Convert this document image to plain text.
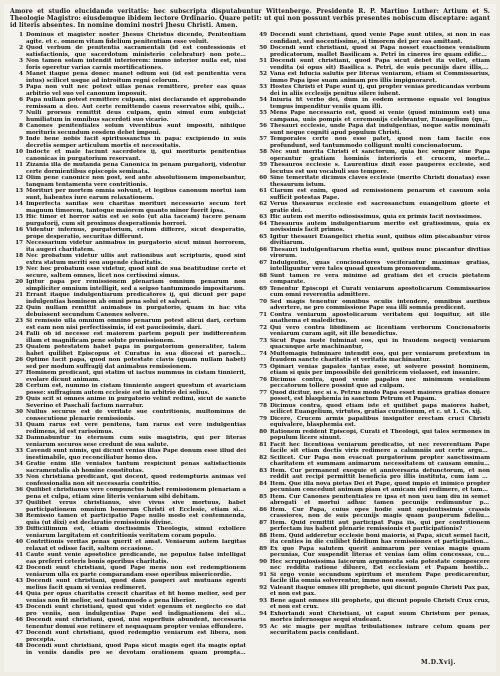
Amore et studio elucidande veritatis: hec subscripta disputabuntur Wittenberge. Presidente R. P. Martino Luther: Artium et S. Theologie Magistro: eiusdemque ibidem lectore Ordinario. Quare petit: ut qui non possunt verbis presentes nobiscum disceptare: agant id literis absentes. In nomine domini nostri Jhesu Christi. Amen.
1 Dominus et magister noster Jhesus Christus dicendo, Penitentiam agite. et c. omnem vitam fidelium penitentiam esse voluit.
2 Quod verbum de penitentia sacramentali (id est confessionis et satisfactionis, que sacerdotum ministerio celebratur) non potest
3 Non tamen solam intendit interiorem: immo interior nulla est, nisi foris operetur varias carnis mortificationes.
4 Manet itaque pena donec manet odium sui (id est penitentia vera intus) scilicet usque ad introitum regni celorum.
5 Papa non vult nec potest ullas penas remittere, preter eas quas arbitrio vel suo vel canonum imposuit.
6 Papa nullam potest remittere culpam, nisi declarando et approbando remissam a deo. Aut certe remittendo casus reservatos sibi, quibus
7 Nulli prorsus remittit deus culpam, quin simul eum subijciat humiliatum in omnibus sacerdoti suo vicario.
8 Canones penitentiales solum viventibus sunt impositi, nihilque morituris secundum eosdem debet imponi.
9 Inde bene nobis facit spiritussanctus in papa: excipiendo in suis decretis semper articulum mortis et necessitatis.
10 Indocte et male faciunt sacerdotes ij, qui morituris penitentias canonicas in purgatorium reservant.
11 Zizania illa de mutanda pena Canonica in penam purgatorij, videntur certe dormientibus episcopis seminata.
12 Olim pene canonice non post, sed ante absolutionem imponebantur, tanquam tentamenta vere contritionis.
13 Morituri per mortem omnia solvunt, et legibus canonum mortui iam sunt, habentes iure earum relaxationem.
14 Imperfecta sanitas seu charitas morituri necessario secum fert magnum timorem, tantoque maiorem quanto minor fuerit ipsa.
15 Hic timor et horror satis est se solo (ut alia taceam) facere penam purgatorij, cum sit proximus desperationis horrori.
16 Videntur infernus, purgatorium, celum differre, sicut desperatio, prope desperatio, securitas differunt.
17 Necessarium videtur animabus in purgatorio sicut minui horrorem, ita augeri charitatem.
18 Nec probatum videtur ullis aut rationibus aut scripturis, quod sint extra statum meriti seu augende charitatis.
19 Nec hoc probatum esse videtur, quod sint de sua beatitudine certe et secure, saltem omnes, licet nos certissimi simus.
20 Igitur papa per remissionem plenariam omnium penarum non simpliciter omnium intelligit, sed a seipso tantummodo impositarum.
21 Errant itaque indulgentiarum predicatores ij, qui dicunt per pape indulgentias hominem ab omni pena solui et salvari.
22 Quin nullam remittit animabus in purgatorio, quam in hac vita debuissent secundum Canones solvere.
23 Si remissio ulla omnium omnino penarum potest alicui dari, certum est eam non nisi perfectissimis, id est paucissimis, dari.
24 Falli ob id necesse est maiorem partem populi per indifferentem illam et magnificam pene solute promissionem.
25 Qualem potestatem habet papa in purgatorium generaliter, talem habet quilibet Episcopus et Curatus in sua diocesi et parochia
26 Optime facit papa, quod non potestate clavis (quam nullam habet) sed per modum suffragij dat animabus remissionem.
27 Hominem predicant, qui statim ut iactus nummus in cistam tinnierit, evolare dicunt animam.
28 Certum est, nummo in cistam tinniente augeri questum et avariciam posse: suffragium autem ecclesie est in arbitrio dei solius.
29 Quis scit si omnes anime in purgatorio velint redimi, sicut de sancto Severino et Paschali factum narratur.
30 Nullus securus est de veritate sue contritionis, multominus de consecutione plenarie remissionis.
31 Quam rarus est vere penitens, tam rarus est vere indulgentias redimens, id est rarissimus.
32 Damnabuntur in eternum cum suis magistris, qui per literas veniarum securos sese credunt de sua salute.
33 Cavendi sunt nimis, qui dicunt venias illas Pape donum esse illud dei inestimabile, quo reconciliatur homo deo.
34 Gratie enim ille veniales tantum respiciunt penas satisfactionis sacramentalis ab homine constitutas.
35 Non christiana predicant, qui docent, quod redempturis animas vel confessionalia non sit necessaria contritio.
36 Quilibet christianus vere compunctus habet remissionem plenariam a pena et culpa, etiam sine literis veniarum sibi debitam.
37 Quilibet verus christianus, sive vivus sive mortuus, habet participationem omnium bonorum Christi et Ecclesie, etiam sine
38 Remissio tamen et participatio Pape nullo modo est contemnenda, quia (ut dixi) est declaratio remissionis divine.
39 Difficillimum est, etiam doctissimis Theologis, simul extollere veniarum largitatem et contritionis veritatem coram populo.
40 Contritionis veritas penas querit et amat. Veniarum autem largitas relaxat et odisse facit, saltem occasione.
41 Caute sunt venie apostolice predicande, ne populus false intelligat eas preferri ceteris bonis operibus charitatis.
42 Docendi sunt christiani, quod Pape mens non est redemptionem veniarum ulla ex parte comparandam esse operibus misericordie.
43 Docendi sunt christiani, quod dans pauperi aut mutuans egenti melius facit quam si venias redimeret.
44 Quia per opus charitatis crescit charitas et fit homo melior, sed per venias non fit melior, sed tantummodo a pena liberior.
45 Docendi sunt christiani, quod qui videt egenum et neglecto eo dat pro veniis, non indulgentias Pape sed indignationem dei sibi
46 Docendi sunt christiani, quod, nisi superfluis abundent, necessaria tenentur domui sue retinere et nequaquam propter venias effundere.
47 Docendi sunt christiani, quod redemptio veniarum est libera, non precepta.
48 Docendi sunt christiani, quod Papa sicut magis eget ita magis optat in veniis dandis pro se devotam orationem quam promptam
49 Docendi sunt christiani, quod venie Pape sunt utiles, si non in eas confidant, sed nocentissime, si timorem dei per eas amittant.
50 Docendi sunt christiani, quod si Papa nosset exactiones venialium predicatorum, mallet Basilicam s. Petri in cineres ire quam edificari
51 Docendi sunt christiani, quod Papa sicut debet ita vellet, etiam vendita (si opus sit) Basilica s. Petri, de suis pecunijs dare illis, a
52 Vana est fiducia salutis per literas veniarum, etiam si Commissarius, immo Papa ipse suam animam pro illis impignoraret.
53 Hostes Christi et Pape sunt ij, qui propter venias predicandas verbum dei in aliis ecclesijs penitus silere iubent.
54 Iniuria fit verbo dei, dum in eodem sermone equale vel longius tempus impenditur veniis quam illi.
55 Mens Pape necessario est, quod si venie (quod minimum est) una campana, unis pompis et ceremonijs celebrantur, Euangelium (quod
56 Thesauri ecclesie, unde Papa dat indulgentias, neque satis nominati sunt neque cogniti apud populum Christi.
57 Temporales certe non esse patet, quod non tam facile eos profundunt, sed tantummodo colligunt multi concionatorum.
58 Nec sunt merita Christi et sanctorum, quia hec semper sine Papa operantur gratiam hominis interioris et crucem, mortem
59 Thesauros ecclesie s. Laurentius dixit esse pauperes ecclesie, sed locutus est usu vocabuli suo tempore.
60 Sine temeritate dicimus claves ecclesie (merito Christi donatas) esse thesaurum istum.
61 Clarum est enim, quod ad remissionem penarum et casuum sola sufficit potestas Pape.
62 Verus thesaurus ecclesie est sacrosanctum euangelium glorie et gratie dei.
63 Hic autem est merito odiosissimus, quia ex primis facit novissimos.
64 Thesaurus autem indulgentiarum merito est gratissimus, quia ex novissimis facit primos.
65 Igitur thesauri Euangelici rhetia sunt, quibus olim piscabantur viros divitiarum.
66 Thesauri indulgentiarum rhetia sunt, quibus nunc piscantur divitias virorum.
67 Indulgentie, quas concionatores vociferantur maximas gratias, intelliguntur vere tales quoad questum promovendum.
68 Sunt tamen re vera minime ad gratiam dei et crucis pietatem comparate.
69 Tenentur Episcopi et Curati veniarum apostolicarum Commissarios cum omni reverentia admittere.
70 Sed magis tenentur omnibus oculis intendere, omnibus auribus advertere, ne pro commissione Pape sua illi somnia predicent.
71 Contra veniarum apostolicarum veritatem qui loquitur, sit ille anathema et maledictus.
72 Qui vero contra libidinem ac licentiam verborum Concionatoris veniarum curam agit, sit ille benedictus.
73 Sicut Papa iuste fulminat eos, qui in fraudem negocij veniarum quacunque arte machinantur,
74 Multomagis fulminare intendit eos, qui per veniarum pretextum in fraudem sancte charitatis et veritatis machinantur.
75 Opinari venias papales tantas esse, ut solvere possint hominem, etiam si quis per impossibile dei genitricem violasset, est insanire.
76 Dicimus contra, quod venie papales nec minimum venialium peccatorum tollere possint quo ad culpam.
77 Quod dicitur, nec si s. Petrus modo Papa esset maiores gratias donare posset, est blasphemia in sanctum Petrum et Papam.
78 Dicimus contra, quod etiam iste et quilibet papa maiores habet, scilicet Euangelium, virtutes, gratias curationum, et c. ut 1. Co. xij.
79 Dicere, Crucem armis papalibus insigniter erectam cruci Christi equivalere, blasphemia est.
80 Rationem reddent Episcopi, Curati et Theologi, qui tales sermones in populum licere sinunt.
81 Facit hec licentiosa veniarum predicatio, ut nec reverentiam Pape facile sit etiam doctis viris redimere a calumniis aut certe argutis
82 Scilicet. Cur Papa non evacuat purgatorium propter sanctissimam charitatem et summam animarum necessitatem ut causam omnium
83 Item. Cur permanent exequie et anniversaria defunctorum, et non reddit aut recipi permittit beneficia pro illis instituta, cum iam sit
84 Item. Que illa nova pietas Dei et Pape, quod impio et inimico propter pecuniam concedunt animam piam et amicam dei redimere, et tamen
85 Item. Cur Canones penitentiales re ipsa et non usu iam diu in semet abrogati et mortui adhuc tamen pecunijs redimuntur per
86 Item. Cur Papa, cuius opes hodie sunt opulentissimis crassis crassiores, non de suis pecunijs magis quam pauperum fidelium
87 Item. Quid remittit aut participat Papa iis, qui per contritionem perfectam ius habent plenarie remissionis et participationis?
88 Item. Quid adderetur ecclesie boni maioris, si Papa, sicut semel facit, ita centies in die cuilibet fidelium has remissiones et participationes
89 Ex quo Papa salutem querit animarum per venias magis quam pecunias, Cur suspendit literas et venias iam olim concessas, cum
90 Hec scrupulosissima laicorum argumenta sola potestate compescere nec reddita ratione diluere, Est ecclesiam et Papam hostibus
91 Si ergo venie secundum spiritum et mentem Pape predicarentur, facile illa omnia solverentur, immo non essent.
92 Valeant itaque omnes illi prophete, qui dicunt populo Christi Pax pax, et non est pax.
93 Bene agant omnes illi prophete, qui dicunt populo Christi Crux crux, et non est crux.
94 Exhortandi sunt Christiani, ut caput suum Christum per penas, mortes infernosque sequi studeant.
95 Ac sic magis per multas tribulationes intrare celum quam per securitatem pacis confidant.
M.D.Xvij.
